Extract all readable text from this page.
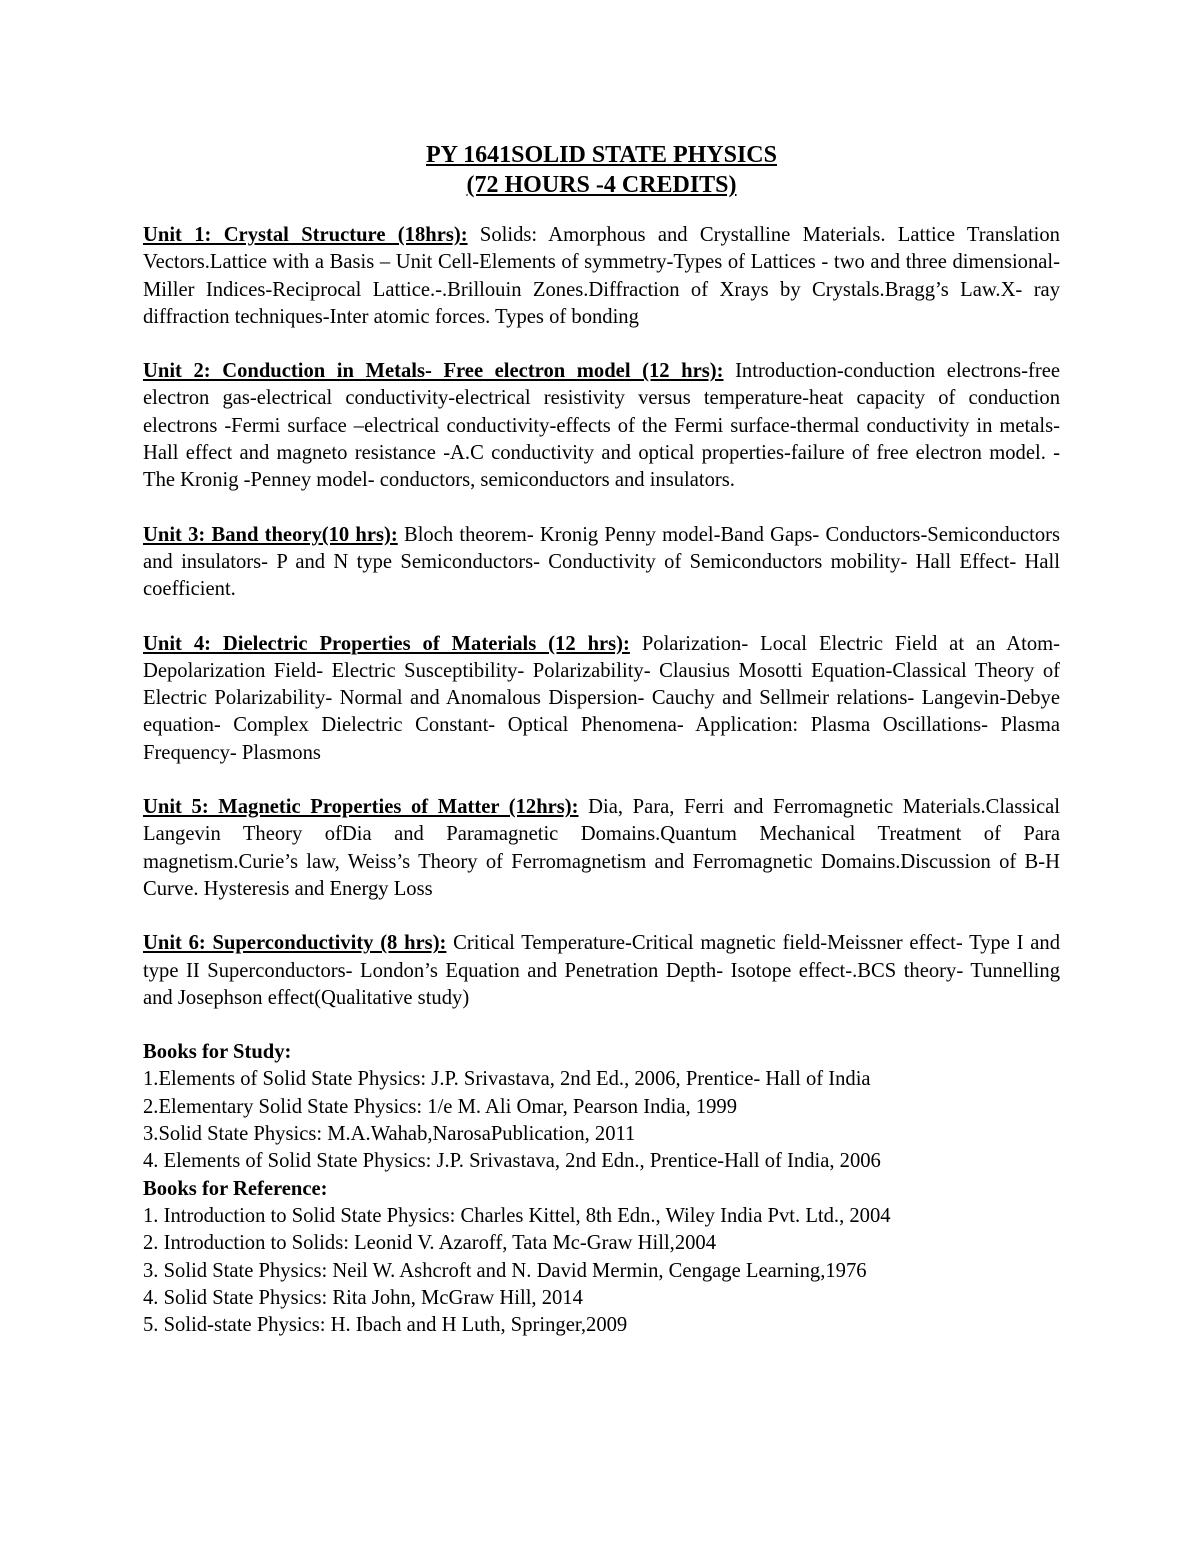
PY 1641SOLID STATE PHYSICS

(72 HOURS -4 CREDITS)

Unit 1: Crystal Structure (18hrs): Solids: Amorphous and Crystalline Materials. Lattice Translation Vectors.Lattice with a Basis – Unit Cell-Elements of symmetry-Types of Lattices - two and three dimensional- Miller Indices-Reciprocal Lattice.-.Brillouin Zones.Diffraction of Xrays by Crystals.Bragg’s Law.X- ray diffraction techniques-Inter atomic forces. Types of bonding

Unit 2: Conduction in Metals- Free electron model (12 hrs): Introduction-conduction electrons-free electron gas-electrical conductivity-electrical resistivity versus temperature-heat capacity of conduction electrons -Fermi surface –electrical conductivity-effects of the Fermi surface-thermal conductivity in metals-Hall effect and magneto resistance -A.C conductivity and optical properties-failure of free electron model. -The Kronig -Penney model- conductors, semiconductors and insulators.

Unit 3: Band theory(10 hrs): Bloch theorem- Kronig Penny model-Band Gaps- Conductors-Semiconductors and insulators- P and N type Semiconductors- Conductivity of Semiconductors mobility- Hall Effect- Hall coefficient.

Unit 4: Dielectric Properties of Materials (12 hrs): Polarization- Local Electric Field at an Atom- Depolarization Field- Electric Susceptibility- Polarizability- Clausius Mosotti Equation-Classical Theory of Electric Polarizability- Normal and Anomalous Dispersion- Cauchy and Sellmeir relations- Langevin-Debye equation- Complex Dielectric Constant- Optical Phenomena- Application: Plasma Oscillations- Plasma Frequency- Plasmons

Unit 5: Magnetic Properties of Matter (12hrs): Dia, Para, Ferri and Ferromagnetic Materials.Classical Langevin Theory ofDia and Paramagnetic Domains.Quantum Mechanical Treatment of Para magnetism.Curie’s law, Weiss’s Theory of Ferromagnetism and Ferromagnetic Domains.Discussion of B-H Curve. Hysteresis and Energy Loss

Unit 6: Superconductivity (8 hrs): Critical Temperature-Critical magnetic field-Meissner effect- Type I and type II Superconductors- London’s Equation and Penetration Depth- Isotope effect-.BCS theory- Tunnelling and Josephson effect(Qualitative study)

Books for Study:

1.Elements of Solid State Physics: J.P. Srivastava, 2nd Ed., 2006, Prentice- Hall of India
2.Elementary Solid State Physics: 1/e M. Ali Omar, Pearson India, 1999
3.Solid State Physics: M.A.Wahab,NarosaPublication, 2011
4. Elements of Solid State Physics: J.P. Srivastava, 2nd Edn., Prentice-Hall of India, 2006

Books for Reference:

1. Introduction to Solid State Physics: Charles Kittel, 8th Edn., Wiley India Pvt. Ltd., 2004
2. Introduction to Solids: Leonid V. Azaroff, Tata Mc-Graw Hill,2004
3. Solid State Physics: Neil W. Ashcroft and N. David Mermin, Cengage Learning,1976
4. Solid State Physics: Rita John, McGraw Hill, 2014
5. Solid-state Physics: H. Ibach and H Luth, Springer,2009
